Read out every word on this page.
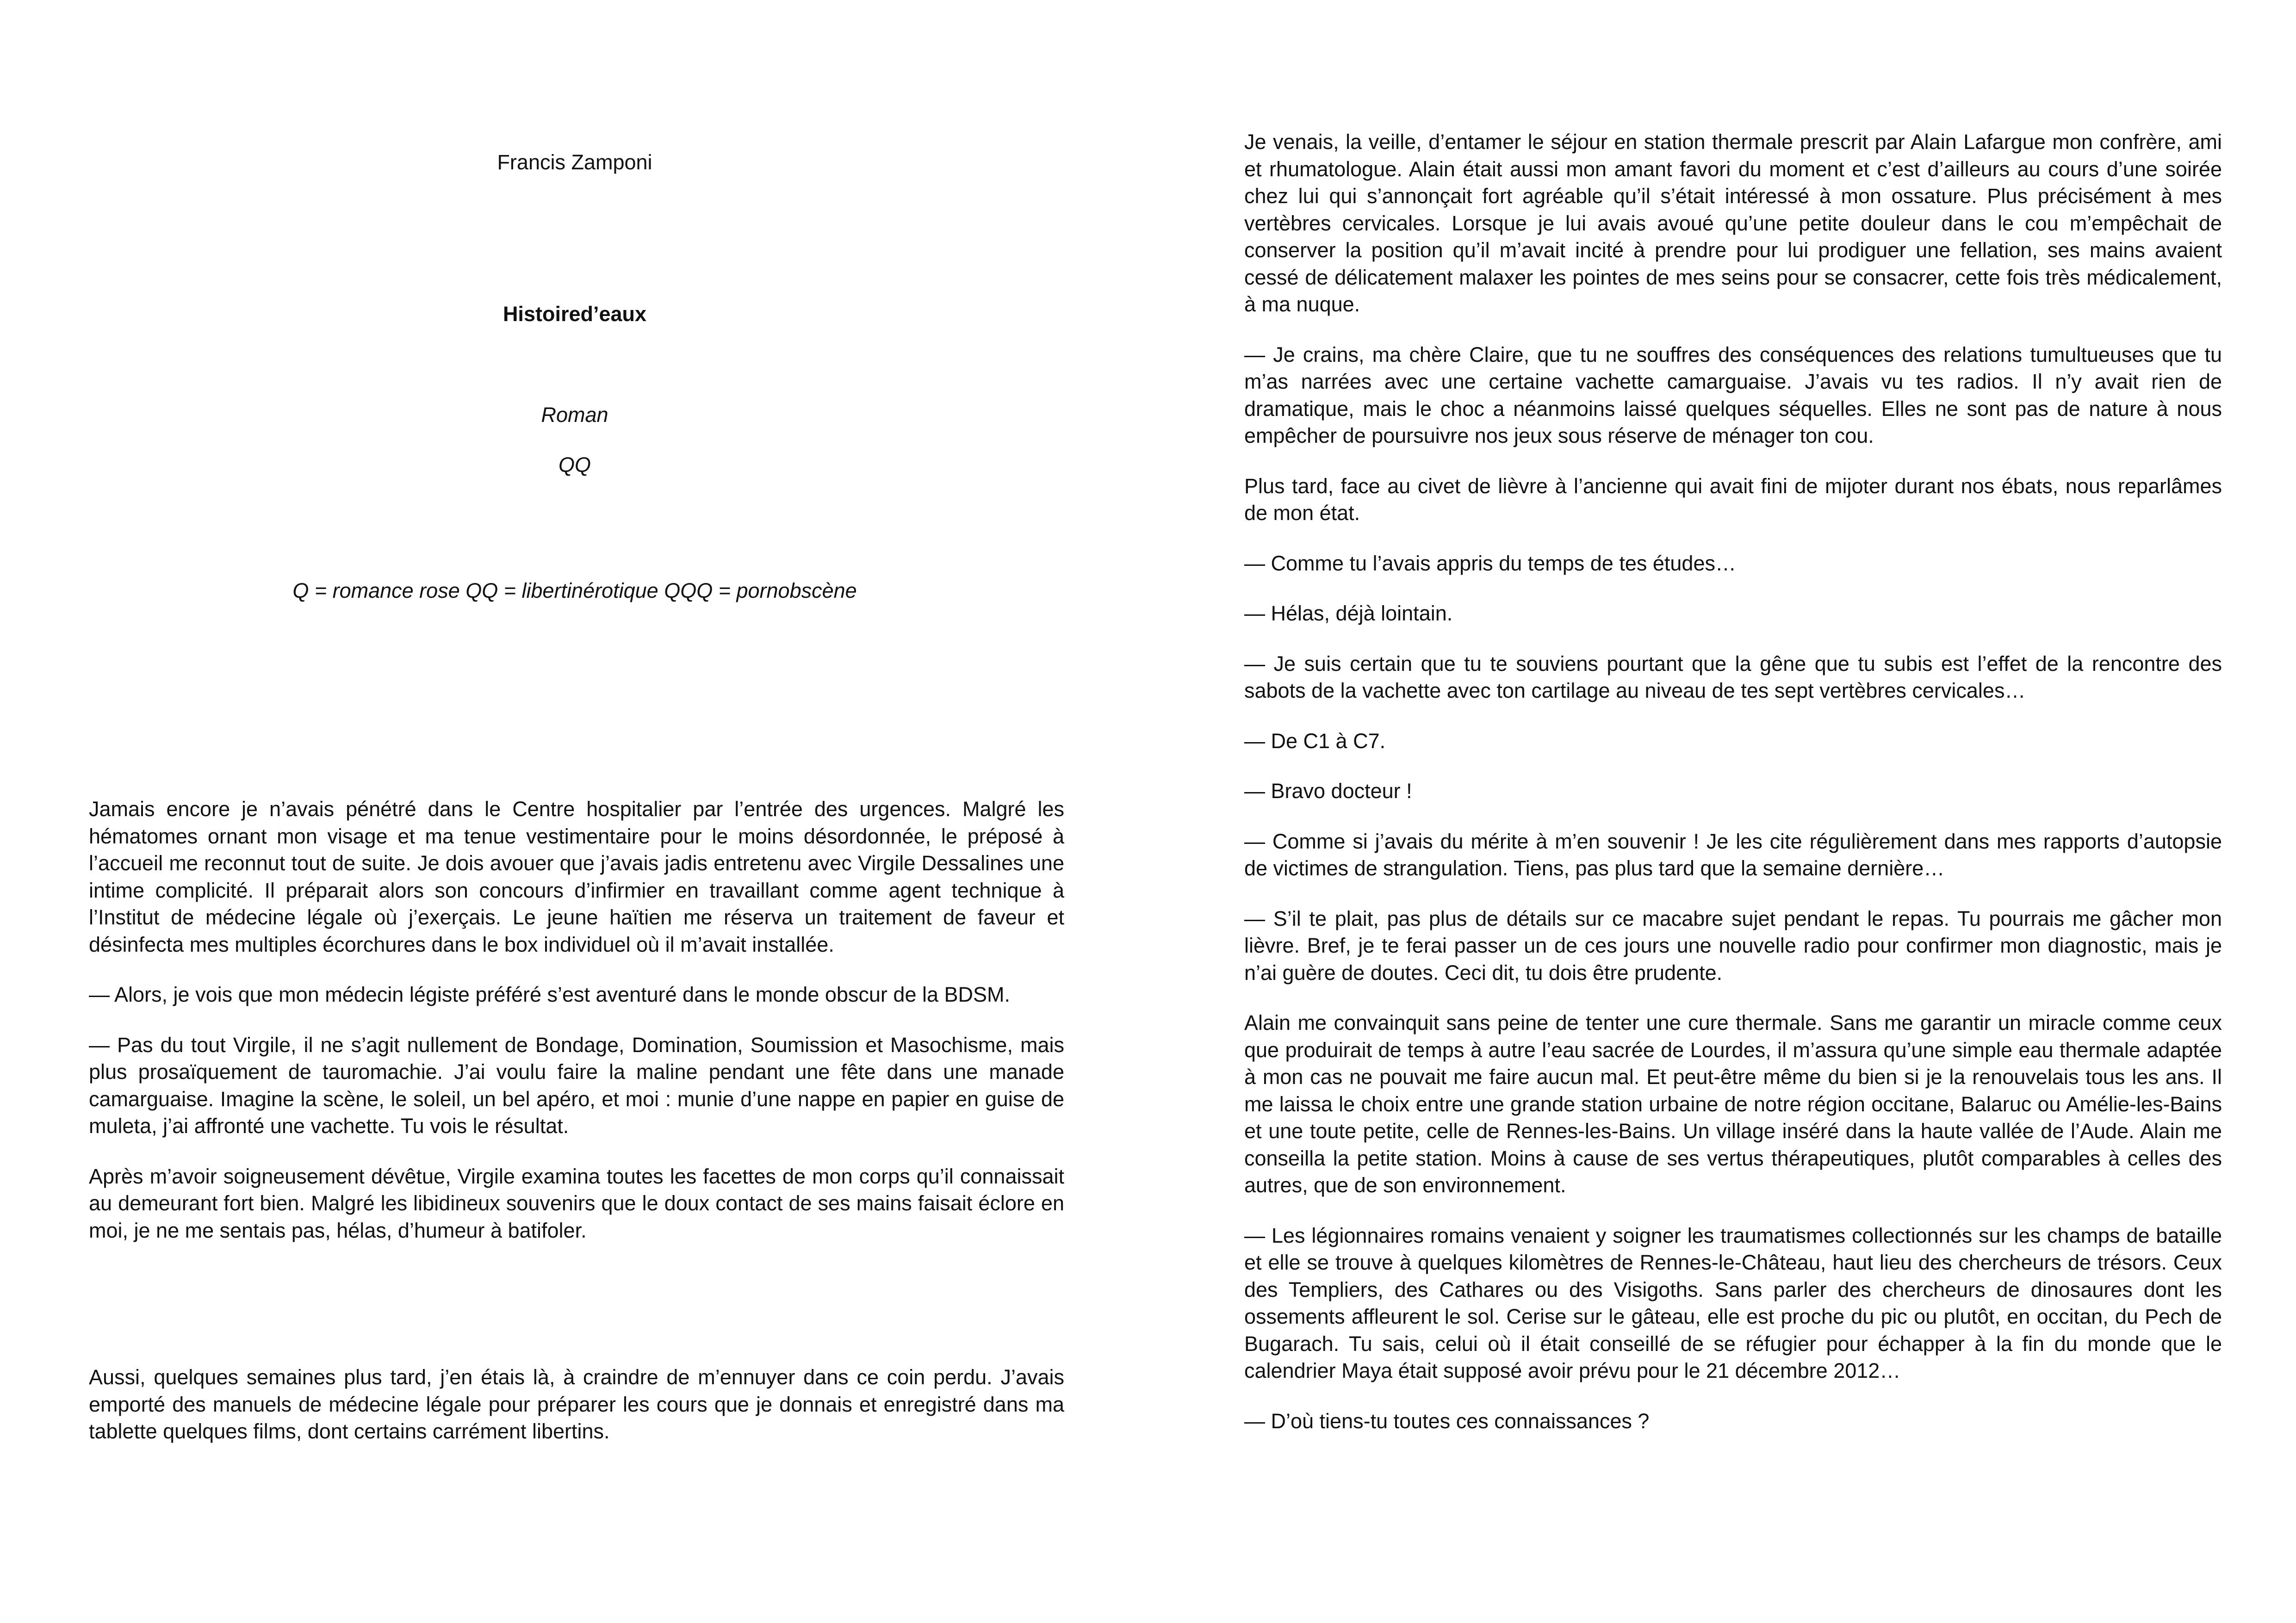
Francis Zamponi
Histoired’eaux
Roman
QQ
Q = romance rose QQ = libertinérotique QQQ = pornobscène

Jamais encore je n’avais pénétré dans le Centre hospitalier par l’entrée des urgences. Malgré les hématomes ornant mon visage et ma tenue vestimentaire pour le moins désordonnée, le préposé à l’accueil me reconnut tout de suite. Je dois avouer que j’avais jadis entretenu avec Virgile Dessalines une intime complicité. Il préparait alors son concours d’infirmier en travaillant comme agent technique à l’Institut de médecine légale où j’exerçais. Le jeune haïtien me réserva un traitement de faveur et désinfecta mes multiples écorchures dans le box individuel où il m’avait installée.

— Alors, je vois que mon médecin légiste préféré s’est aventuré dans le monde obscur de la BDSM.

— Pas du tout Virgile, il ne s’agit nullement de Bondage, Domination, Soumission et Masochisme, mais plus prosaïquement de tauromachie. J’ai voulu faire la maline pendant une fête dans une manade camarguaise. Imagine la scène, le soleil, un bel apéro, et moi : munie d’une nappe en papier en guise de muleta, j’ai affronté une vachette. Tu vois le résultat.

Après m’avoir soigneusement dévêtue, Virgile examina toutes les facettes de mon corps qu’il connaissait au demeurant fort bien. Malgré les libidineux souvenirs que le doux contact de ses mains faisait éclore en moi, je ne me sentais pas, hélas, d’humeur à batifoler.

Aussi, quelques semaines plus tard, j’en étais là, à craindre de m’ennuyer dans ce coin perdu. J’avais emporté des manuels de médecine légale pour préparer les cours que je donnais et enregistré dans ma tablette quelques films, dont certains carrément libertins.

Je venais, la veille, d’entamer le séjour en station thermale prescrit par Alain Lafargue mon confrère, ami et rhumatologue. Alain était aussi mon amant favori du moment et c’est d’ailleurs au cours d’une soirée chez lui qui s’annonçait fort agréable qu’il s’était intéressé à mon ossature. Plus précisément à mes vertèbres cervicales. Lorsque je lui avais avoué qu’une petite douleur dans le cou m’empêchait de conserver la position qu’il m’avait incité à prendre pour lui prodiguer une fellation, ses mains avaient cessé de délicatement malaxer les pointes de mes seins pour se consacrer, cette fois très médicalement, à ma nuque.

— Je crains, ma chère Claire, que tu ne souffres des conséquences des relations tumultueuses que tu m’as narrées avec une certaine vachette camarguaise. J’avais vu tes radios. Il n’y avait rien de dramatique, mais le choc a néanmoins laissé quelques séquelles. Elles ne sont pas de nature à nous empêcher de poursuivre nos jeux sous réserve de ménager ton cou.

Plus tard, face au civet de lièvre à l’ancienne qui avait fini de mijoter durant nos ébats, nous reparlâmes de mon état.

— Comme tu l’avais appris du temps de tes études…

— Hélas, déjà lointain.

— Je suis certain que tu te souviens pourtant que la gêne que tu subis est l’effet de la rencontre des sabots de la vachette avec ton cartilage au niveau de tes sept vertèbres cervicales…

— De C1 à C7.

— Bravo docteur !

— Comme si j’avais du mérite à m’en souvenir ! Je les cite régulièrement dans mes rapports d’autopsie de victimes de strangulation. Tiens, pas plus tard que la semaine dernière…

— S’il te plait, pas plus de détails sur ce macabre sujet pendant le repas. Tu pourrais me gâcher mon lièvre. Bref, je te ferai passer un de ces jours une nouvelle radio pour confirmer mon diagnostic, mais je n’ai guère de doutes. Ceci dit, tu dois être prudente.

Alain me convainquit sans peine de tenter une cure thermale. Sans me garantir un miracle comme ceux que produirait de temps à autre l’eau sacrée de Lourdes, il m’assura qu’une simple eau thermale adaptée à mon cas ne pouvait me faire aucun mal. Et peut-être même du bien si je la renouvelais tous les ans. Il me laissa le choix entre une grande station urbaine de notre région occitane, Balaruc ou Amélie-les-Bains et une toute petite, celle de Rennes-les-Bains. Un village inséré dans la haute vallée de l’Aude. Alain me conseilla la petite station. Moins à cause de ses vertus thérapeutiques, plutôt comparables à celles des autres, que de son environnement.

— Les légionnaires romains venaient y soigner les traumatismes collectionnés sur les champs de bataille et elle se trouve à quelques kilomètres de Rennes-le-Château, haut lieu des chercheurs de trésors. Ceux des Templiers, des Cathares ou des Visigoths. Sans parler des chercheurs de dinosaures dont les ossements affleurent le sol. Cerise sur le gâteau, elle est proche du pic ou plutôt, en occitan, du Pech de Bugarach. Tu sais, celui où il était conseillé de se réfugier pour échapper à la fin du monde que le calendrier Maya était supposé avoir prévu pour le 21 décembre 2012…

— D’où tiens-tu toutes ces connaissances ?
